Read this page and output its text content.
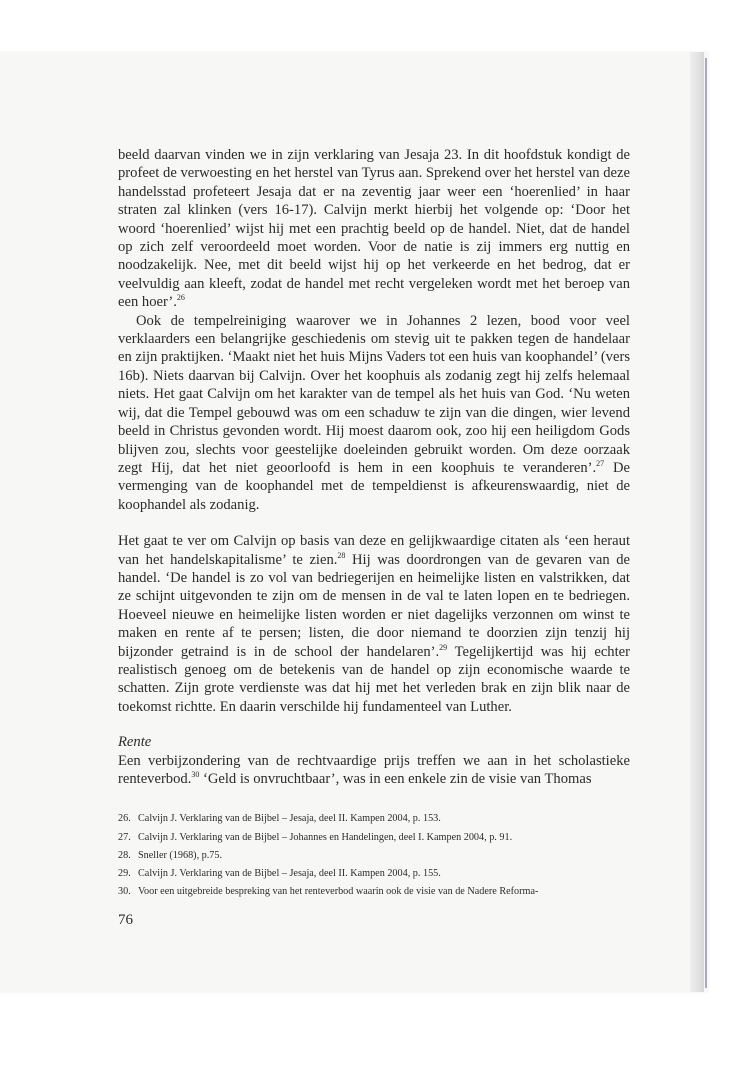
beeld daarvan vinden we in zijn verklaring van Jesaja 23. In dit hoofdstuk kondigt de profeet de verwoesting en het herstel van Tyrus aan. Sprekend over het herstel van deze handelsstad profeteert Jesaja dat er na zeventig jaar weer een ‘hoerenlied’ in haar straten zal klinken (vers 16-17). Calvijn merkt hierbij het volgende op: ‘Door het woord ‘hoerenlied’ wijst hij met een prachtig beeld op de handel. Niet, dat de handel op zich zelf veroordeeld moet worden. Voor de natie is zij immers erg nuttig en noodzakelijk. Nee, met dit beeld wijst hij op het verkeerde en het bedrog, dat er veelvuldig aan kleeft, zodat de handel met recht vergeleken wordt met het beroep van een hoer’.$^{26}$

Ook de tempelreiniging waarover we in Johannes 2 lezen, bood voor veel verklaarders een belangrijke geschiedenis om stevig uit te pakken tegen de handelaar en zijn praktijken. ‘Maakt niet het huis Mijns Vaders tot een huis van koophandel’ (vers 16b). Niets daarvan bij Calvijn. Over het koophuis als zodanig zegt hij zelfs helemaal niets. Het gaat Calvijn om het karakter van de tempel als het huis van God. ‘Nu weten wij, dat die Tempel gebouwd was om een schaduw te zijn van die dingen, wier levend beeld in Christus gevonden wordt. Hij moest daarom ook, zoo hij een heiligdom Gods blijven zou, slechts voor geestelijke doeleinden gebruikt worden. Om deze oorzaak zegt Hij, dat het niet geoorloofd is hem in een koophuis te veranderen’.$^{27}$ De vermenging van de koophandel met de tempeldienst is afkeurenswaardig, niet de koophandel als zodanig.

Het gaat te ver om Calvijn op basis van deze en gelijkwaardige citaten als ‘een heraut van het handelskapitalisme’ te zien.$^{28}$ Hij was doordrongen van de gevaren van de handel. ‘De handel is zo vol van bedriegerijen en heimelijke listen en valstrikken, dat ze schijnt uitgevonden te zijn om de mensen in de val te laten lopen en te bedriegen. Hoeveel nieuwe en heimelijke listen worden er niet dagelijks verzonnen om winst te maken en rente af te persen; listen, die door niemand te doorzien zijn tenzij hij bijzonder getraind is in de school der handelaren’.$^{29}$ Tegelijkertijd was hij echter realistisch genoeg om de betekenis van de handel op zijn economische waarde te schatten. Zijn grote verdienste was dat hij met het verleden brak en zijn blik naar de toekomst richtte. En daarin verschilde hij fundamenteel van Luther.

Rente

Een verbijzondering van de rechtvaardige prijs treffen we aan in het scholastieke renteverbod.$^{30}$ ‘Geld is onvruchtbaar’, was in een enkele zin de visie van Thomas

26. Calvijn J. Verklaring van de Bijbel – Jesaja, deel II. Kampen 2004, p. 153.
27. Calvijn J. Verklaring van de Bijbel – Johannes en Handelingen, deel I. Kampen 2004, p. 91.
28. Sneller (1968), p.75.
29. Calvijn J. Verklaring van de Bijbel – Jesaja, deel II. Kampen 2004, p. 155.
30. Voor een uitgebreide bespreking van het renteverbod waarin ook de visie van de Nadere Reforma-
76
